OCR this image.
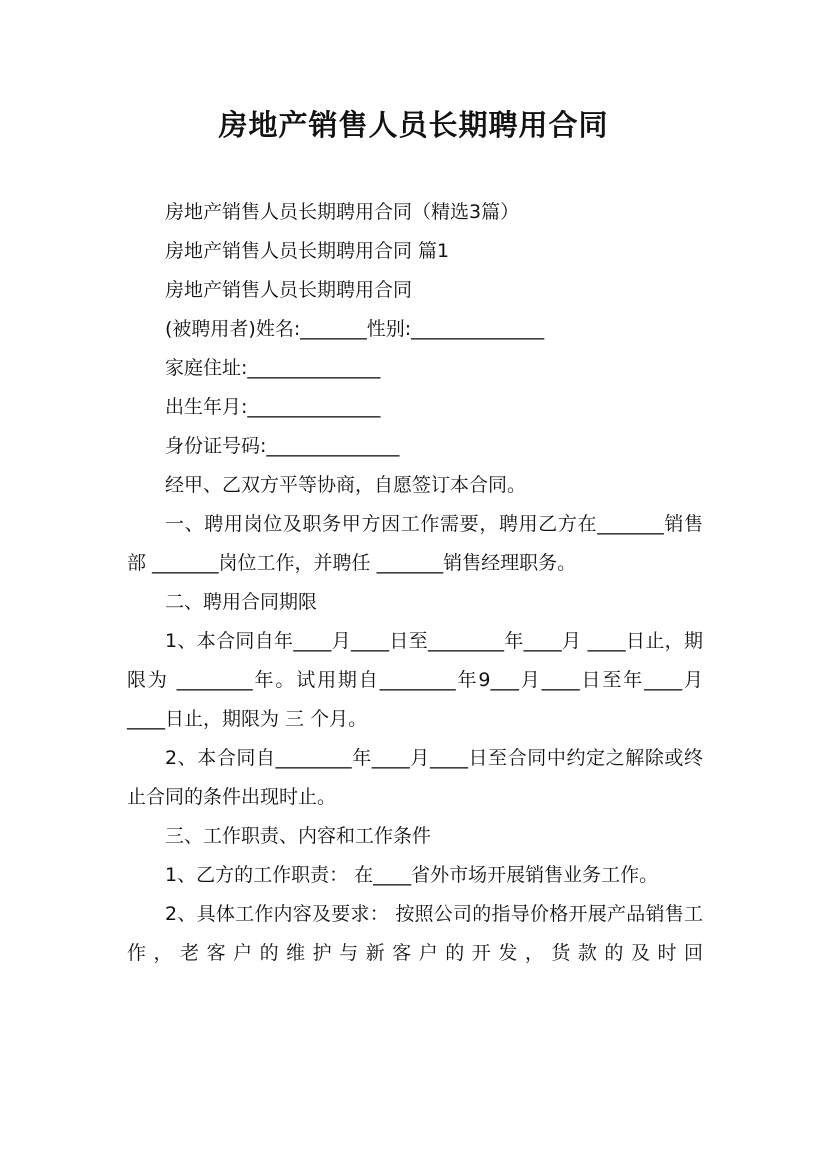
房地产销售人员长期聘用合同

房地产销售人员长期聘用合同（精选3篇）

房地产销售人员长期聘用合同 篇1

房地产销售人员长期聘用合同

(被聘用者)姓名:_______性别:______________

家庭住址:______________

出生年月:______________

身份证号码:______________

经甲、乙双方平等协商，自愿签订本合同。

一、聘用岗位及职务甲方因工作需要，聘用乙方在_______销售部 _______岗位工作，并聘任 _______销售经理职务。

二、聘用合同期限

1、本合同自年____月____日至________年____月 ____日止，期限为 ________年。试用期自________年9___月____日至年____月 ____日止，期限为 三 个月。

2、本合同自________年____月____日至合同中约定之解除或终止合同的条件出现时止。

三、工作职责、内容和工作条件

1、乙方的工作职责： 在____省外市场开展销售业务工作。

2、具体工作内容及要求： 按照公司的指导价格开展产品销售工作，老客户的维护与新客户的开发，货款的及时回
